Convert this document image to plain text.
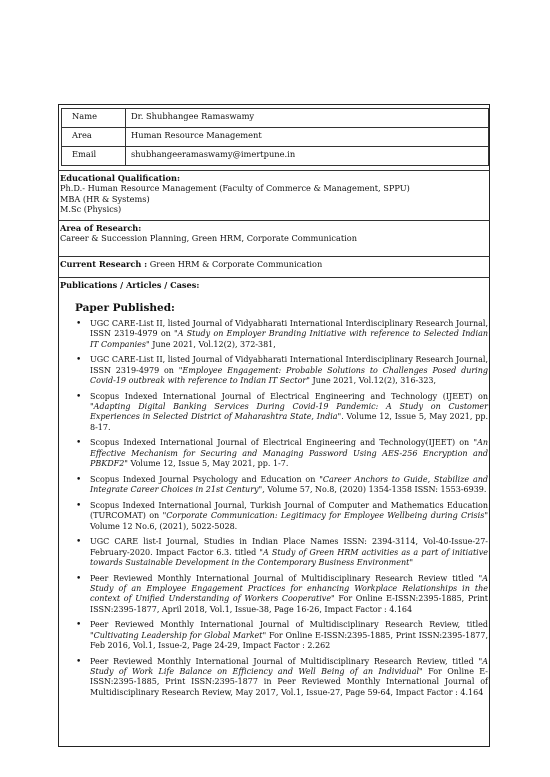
Name	Dr. Shubhangee Ramaswamy
Area	Human Resource Management
Email	shubhangeeramaswamy@imertpune.in
Educational Qualification:
Ph.D.- Human Resource Management (Faculty of Commerce & Management, SPPU)
MBA (HR & Systems)
M.Sc (Physics)
Area of Research:
Career & Succession Planning, Green HRM, Corporate Communication
Current Research : Green HRM & Corporate Communication
Publications / Articles / Cases:
Paper Published:
• UGC CARE-List II, listed Journal of Vidyabharati International Interdisciplinary Research Journal, ISSN 2319-4979 on "A Study on Employer Branding Initiative with reference to Selected Indian IT Companies" June 2021, Vol.12(2), 372-381,
• UGC CARE-List II, listed Journal of Vidyabharati International Interdisciplinary Research Journal, ISSN 2319-4979 on "Employee Engagement: Probable Solutions to Challenges Posed during Covid-19 outbreak with reference to Indian IT Sector" June 2021, Vol.12(2), 316-323,
• Scopus Indexed International Journal of Electrical Engineering and Technology (IJEET) on "Adapting Digital Banking Services During Covid-19 Pandemic: A Study on Customer Experiences in Selected District of Maharashtra State, India". Volume 12, Issue 5, May 2021, pp. 8-17.
• Scopus Indexed International Journal of Electrical Engineering and Technology(IJEET) on "An Effective Mechanism for Securing and Managing Password Using AES-256 Encryption and PBKDF2" Volume 12, Issue 5, May 2021, pp. 1-7.
• Scopus Indexed Journal Psychology and Education on "Career Anchors to Guide, Stabilize and Integrate Career Choices in 21st Century", Volume 57, No.8, (2020) 1354-1358 ISSN: 1553-6939.
• Scopus Indexed International Journal, Turkish Journal of Computer and Mathematics Education (TURCOMAT) on "Corporate Communication: Legitimacy for Employee Wellbeing during Crisis" Volume 12 No.6, (2021), 5022-5028.
• UGC CARE list-I Journal, Studies in Indian Place Names ISSN: 2394-3114, Vol-40-Issue-27-February-2020. Impact Factor 6.3. titled "A Study of Green HRM activities as a part of initiative towards Sustainable Development in the Contemporary Business Environment"
• Peer Reviewed Monthly International Journal of Multidisciplinary Research Review titled "A Study of an Employee Engagement Practices for enhancing Workplace Relationships in the context of Unified Understanding of Workers Cooperative" For Online E-ISSN:2395-1885, Print ISSN:2395-1877, April 2018, Vol.1, Issue-38, Page 16-26, Impact Factor : 4.164
• Peer Reviewed Monthly International Journal of Multidisciplinary Research Review, titled "Cultivating Leadership for Global Market" For Online E-ISSN:2395-1885, Print ISSN:2395-1877, Feb 2016, Vol.1, Issue-2, Page 24-29, Impact Factor : 2.262
• Peer Reviewed Monthly International Journal of Multidisciplinary Research Review, titled "A Study of Work Life Balance on Efficiency and Well Being of an Individual" For Online E-ISSN:2395-1885, Print ISSN:2395-1877 in Peer Reviewed Monthly International Journal of Multidisciplinary Research Review, May 2017, Vol.1, Issue-27, Page 59-64, Impact Factor : 4.164
